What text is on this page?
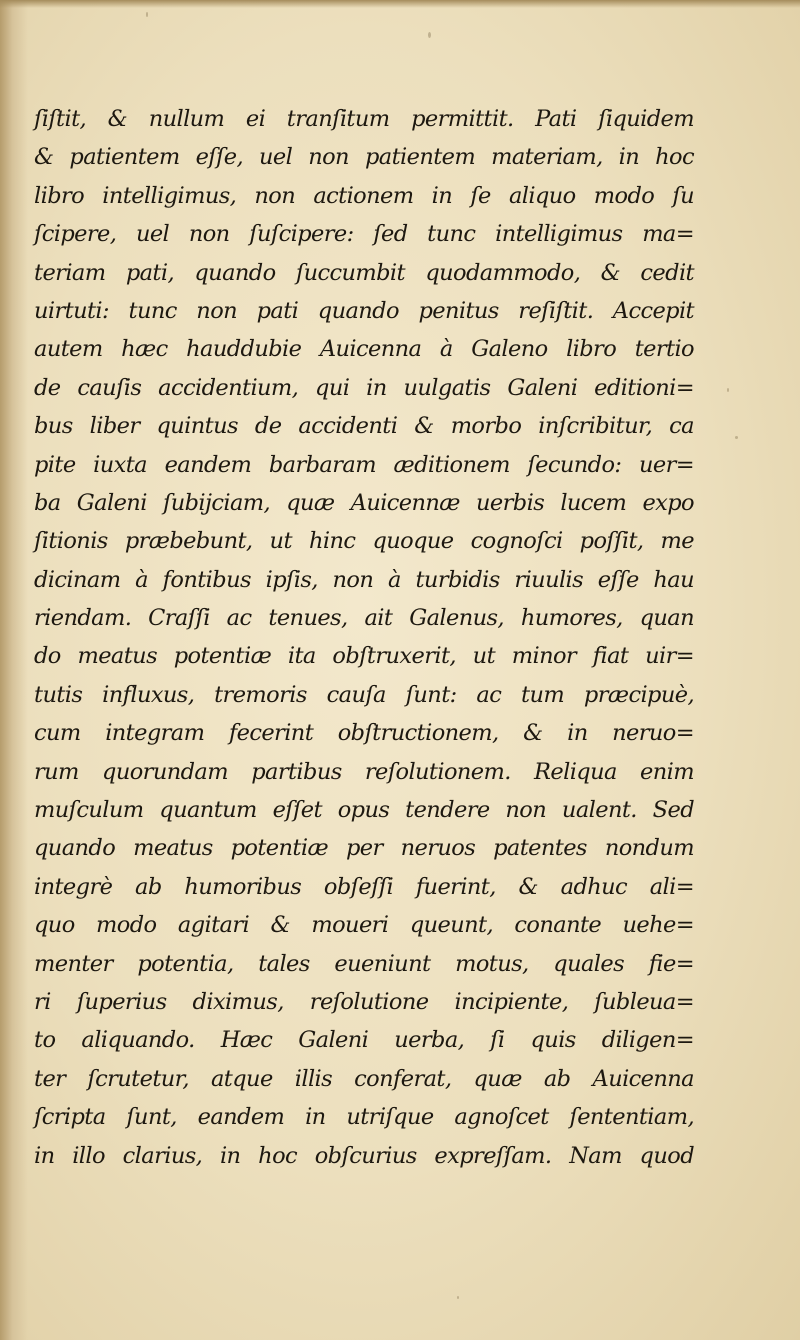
ſiſtit, & nullum ei tranſitum permittit. Pati ſiquidem
& patientem eſſe, uel non patientem materiam, in hoc
libro intelligimus, non actionem in ſe aliquo modo ſu
ſcipere, uel non ſuſcipere: ſed tunc intelligimus ma=
teriam pati, quando ſuccumbit quodammodo, & cedit
uirtuti: tunc non pati quando penitus reſiſtit. Accepit
autem hæc hauddubie Auicenna à Galeno libro tertio
de cauſis accidentium, qui in uulgatis Galeni editioni=
bus liber quintus de accidenti & morbo inſcribitur, ca
pite iuxta eandem barbaram æditionem ſecundo: uer=
ba Galeni ſubijciam, quæ Auicennæ uerbis lucem expo
ſitionis præbebunt, ut hinc quoque cognoſci poſſit, me
dicinam à fontibus ipſis, non à turbidis riuulis eſſe hau
riendam. Craſſi ac tenues, ait Galenus, humores, quan
do meatus potentiæ ita obſtruxerit, ut minor fiat uir=
tutis influxus, tremoris cauſa ſunt: ac tum præcipuè,
cum integram fecerint obſtructionem, & in neruo=
rum quorundam partibus reſolutionem. Reliqua enim
muſculum quantum eſſet opus tendere non ualent. Sed
quando meatus potentiæ per neruos patentes nondum
integrè ab humoribus obſeſſi fuerint, & adhuc ali=
quo modo agitari & moueri queunt, conante uehe=
menter potentia, tales eueniunt motus, quales fie=
ri ſuperius diximus, reſolutione incipiente, ſubleua=
to aliquando. Hæc Galeni uerba, ſi quis diligen=
ter ſcrutetur, atque illis conferat, quæ ab Auicenna
ſcripta ſunt, eandem in utriſque agnoſcet ſententiam,
in illo clarius, in hoc obſcurius expreſſam. Nam quod
